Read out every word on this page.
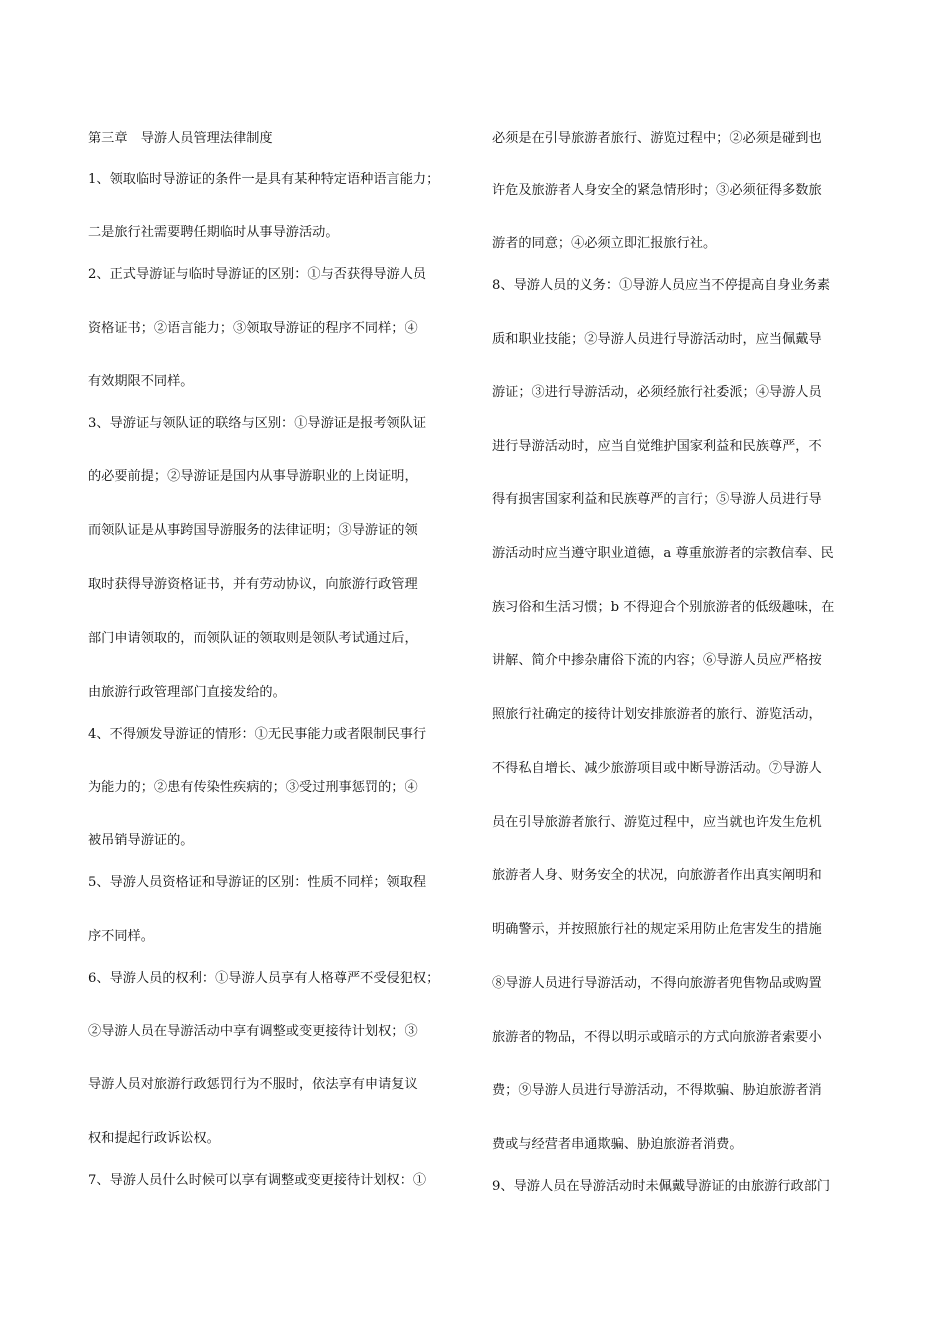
第三章　导游人员管理法律制度
1、领取临时导游证的条件一是具有某种特定语种语言能力；
二是旅行社需要聘任期临时从事导游活动。
2、正式导游证与临时导游证的区别：①与否获得导游人员
资格证书；②语言能力；③领取导游证的程序不同样；④
有效期限不同样。
3、导游证与领队证的联络与区别：①导游证是报考领队证
的必要前提；②导游证是国内从事导游职业的上岗证明，
而领队证是从事跨国导游服务的法律证明；③导游证的领
取时获得导游资格证书，并有劳动协议，向旅游行政管理
部门申请领取的，而领队证的领取则是领队考试通过后，
由旅游行政管理部门直接发给的。
4、不得颁发导游证的情形：①无民事能力或者限制民事行
为能力的；②患有传染性疾病的；③受过刑事惩罚的；④
被吊销导游证的。
5、导游人员资格证和导游证的区别：性质不同样；领取程
序不同样。
6、导游人员的权利：①导游人员享有人格尊严不受侵犯权；
②导游人员在导游活动中享有调整或变更接待计划权；③
导游人员对旅游行政惩罚行为不服时，依法享有申请复议
权和提起行政诉讼权。
7、导游人员什么时候可以享有调整或变更接待计划权：①
必须是在引导旅游者旅行、游览过程中；②必须是碰到也
许危及旅游者人身安全的紧急情形时；③必须征得多数旅
游者的同意；④必须立即汇报旅行社。
8、导游人员的义务：①导游人员应当不停提高自身业务素
质和职业技能；②导游人员进行导游活动时，应当佩戴导
游证；③进行导游活动，必须经旅行社委派；④导游人员
进行导游活动时，应当自觉维护国家利益和民族尊严，不
得有损害国家利益和民族尊严的言行；⑤导游人员进行导
游活动时应当遵守职业道德，a 尊重旅游者的宗教信奉、民
族习俗和生活习惯；b 不得迎合个别旅游者的低级趣味，在
讲解、简介中掺杂庸俗下流的内容；⑥导游人员应严格按
照旅行社确定的接待计划安排旅游者的旅行、游览活动，
不得私自增长、减少旅游项目或中断导游活动。⑦导游人
员在引导旅游者旅行、游览过程中，应当就也许发生危机
旅游者人身、财务安全的状况，向旅游者作出真实阐明和
明确警示，并按照旅行社的规定采用防止危害发生的措施
⑧导游人员进行导游活动，不得向旅游者兜售物品或购置
旅游者的物品，不得以明示或暗示的方式向旅游者索要小
费；⑨导游人员进行导游活动，不得欺骗、胁迫旅游者消
费或与经营者串通欺骗、胁迫旅游者消费。
9、导游人员在导游活动时未佩戴导游证的由旅游行政部门
